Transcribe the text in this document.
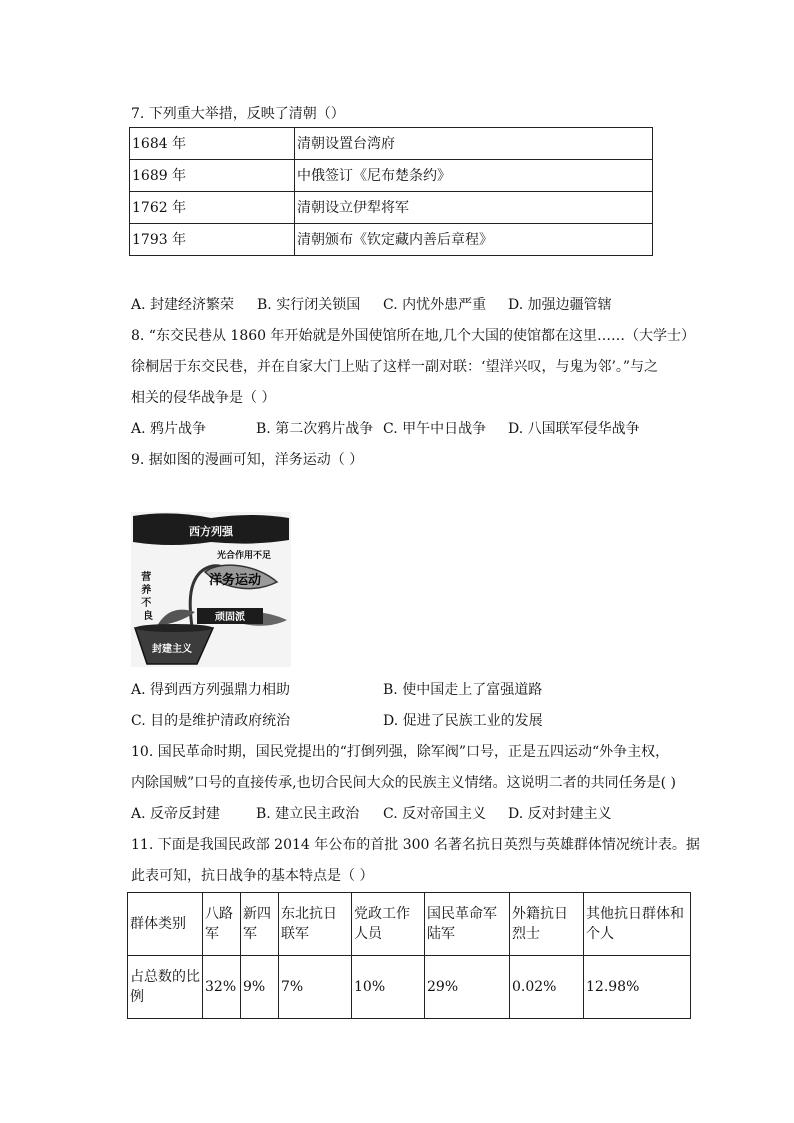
7. 下列重大举措，反映了清朝（）
1684 年	清朝设置台湾府
1689 年	中俄签订《尼布楚条约》
1762 年	清朝设立伊犁将军
1793 年	清朝颁布《钦定藏内善后章程》
A. 封建经济繁荣 B. 实行闭关锁国 C. 内忧外患严重 D. 加强边疆管辖
8. “东交民巷从 1860 年开始就是外国使馆所在地,几个大国的使馆都在这里……（大学士）
徐桐居于东交民巷，并在自家大门上贴了这样一副对联：‘望洋兴叹，与鬼为邻’。”与之
相关的侵华战争是（ ）
A. 鸦片战争	B. 第二次鸦片战争 C. 甲午中日战争 D. 八国联军侵华战争
9. 据如图的漫画可知，洋务运动（ ）
西方列强
光合作用不足
洋务运动
顽固派
营 养 不 良
封建主义
A. 得到西方列强鼎力相助	B. 使中国走上了富强道路
C. 目的是维护清政府统治	D. 促进了民族工业的发展
10. 国民革命时期，国民党提出的“打倒列强，除军阀”口号，正是五四运动“外争主权，
内除国贼”口号的直接传承,也切合民间大众的民族主义情绪。这说明二者的共同任务是( )
A. 反帝反封建	B. 建立民主政治 C. 反对帝国主义 D. 反对封建主义
11. 下面是我国民政部 2014 年公布的首批 300 名著名抗日英烈与英雄群体情况统计表。据
此表可知，抗日战争的基本特点是（ ）
群体类别	八路军	新四军	东北抗日联军	党政工作人员	国民革命军陆军	外籍抗日烈士	其他抗日群体和个人
占总数的比例	32%	9%	7%	10%	29%	0.02%	12.98%
